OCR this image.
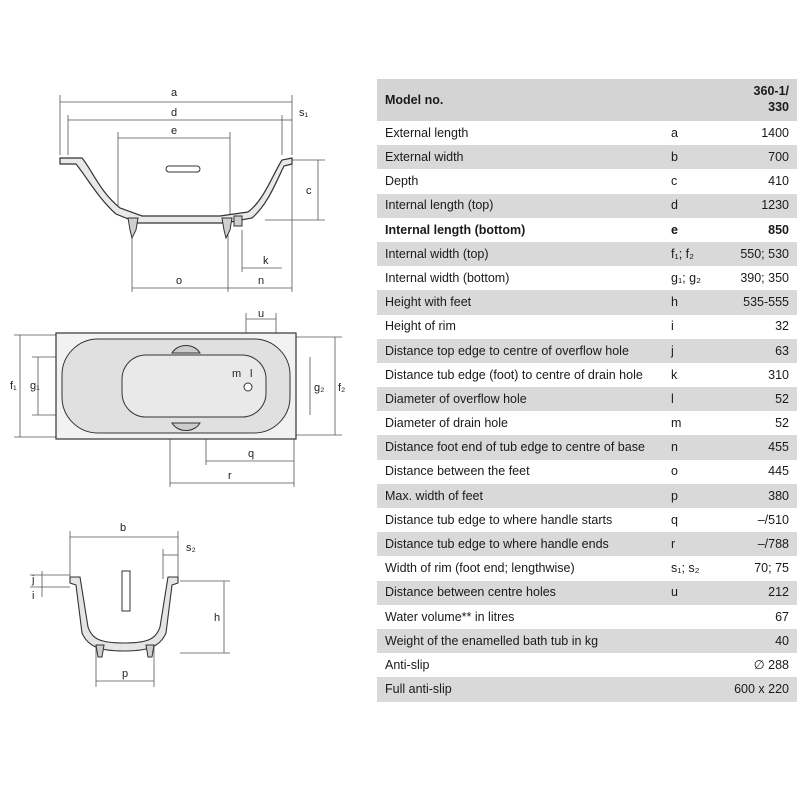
a
d	s₁
e
c
k
o	n
u
f₁ g₁
m l
g₂ f₂
q
r
b
s₂
j
i
h
p
Model no.		360-1/
330
External length	a	1400
External width	b	700
Depth	c	410
Internal length (top)	d	1230
Internal length (bottom)	e	850
Internal width (top)	f₁; f₂	550; 530
Internal width (bottom)	g₁; g₂	390; 350
Height with feet	h	535-555
Height of rim	i	32
Distance top edge to centre of overflow hole	j	63
Distance tub edge (foot) to centre of drain hole	k	310
Diameter of overflow hole	l	52
Diameter of drain hole	m	52
Distance foot end of tub edge to centre of base	n	455
Distance between the feet	o	445
Max. width of feet	p	380
Distance tub edge to where handle starts	q	–/510
Distance tub edge to where handle ends	r	–/788
Width of rim (foot end; lengthwise)	s₁; s₂	70; 75
Distance between centre holes	u	212
Water volume** in litres		67
Weight of the enamelled bath tub in kg		40
Anti-slip		∅ 288
Full anti-slip		600 x 220
